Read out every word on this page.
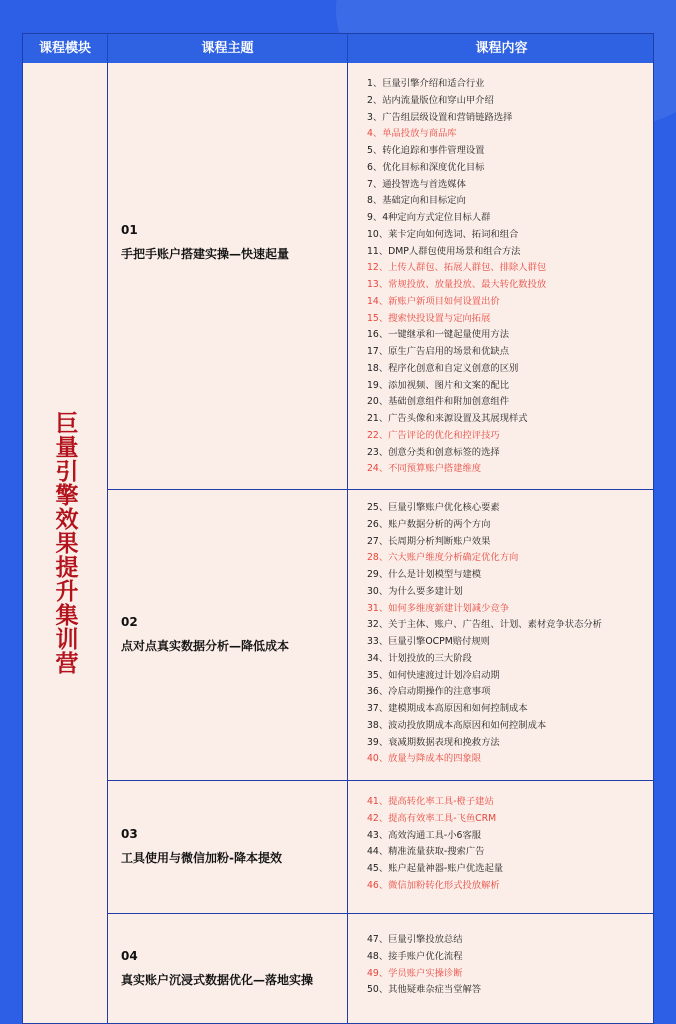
课程模块	课程主题	课程内容
巨量引擎效果提升集训营
01
手把手账户搭建实操—快速起量
1、巨量引擎介绍和适合行业
2、站内流量版位和穿山甲介绍
3、广告组层级设置和营销链路选择
4、单品投放与商品库
5、转化追踪和事件管理设置
6、优化目标和深度优化目标
7、通投智选与首选媒体
8、基础定向和目标定向
9、4种定向方式定位目标人群
10、莱卡定向如何选词、拓词和组合
11、DMP人群包使用场景和组合方法
12、上传人群包、拓展人群包、排除人群包
13、常规投放、放量投放、最大转化数投放
14、新账户新项目如何设置出价
15、搜索快投设置与定向拓展
16、一键继承和一键起量使用方法
17、原生广告启用的场景和优缺点
18、程序化创意和自定义创意的区别
19、添加视频、图片和文案的配比
20、基础创意组件和附加创意组件
21、广告头像和来源设置及其展现样式
22、广告评论的优化和控评技巧
23、创意分类和创意标签的选择
24、不同预算账户搭建维度
02
点对点真实数据分析—降低成本
25、巨量引擎账户优化核心要素
26、账户数据分析的两个方向
27、长周期分析判断账户效果
28、六大账户维度分析确定优化方向
29、什么是计划模型与建模
30、为什么要多建计划
31、如何多维度新建计划减少竞争
32、关于主体、账户、广告组、计划、素材竞争状态分析
33、巨量引擎OCPM赔付规则
34、计划投放的三大阶段
35、如何快速渡过计划冷启动期
36、冷启动期操作的注意事项
37、建模期成本高原因和如何控制成本
38、波动投放期成本高原因和如何控制成本
39、衰减期数据表现和挽救方法
40、放量与降成本的四象限
03
工具使用与微信加粉-降本提效
41、提高转化率工具-橙子建站
42、提高有效率工具-飞鱼CRM
43、高效沟通工具-小6客服
44、精准流量获取-搜索广告
45、账户起量神器-账户优选起量
46、微信加粉转化形式投放解析
04
真实账户沉浸式数据优化—落地实操
47、巨量引擎投放总结
48、接手账户优化流程
49、学员账户实操诊断
50、其他疑难杂症当堂解答
